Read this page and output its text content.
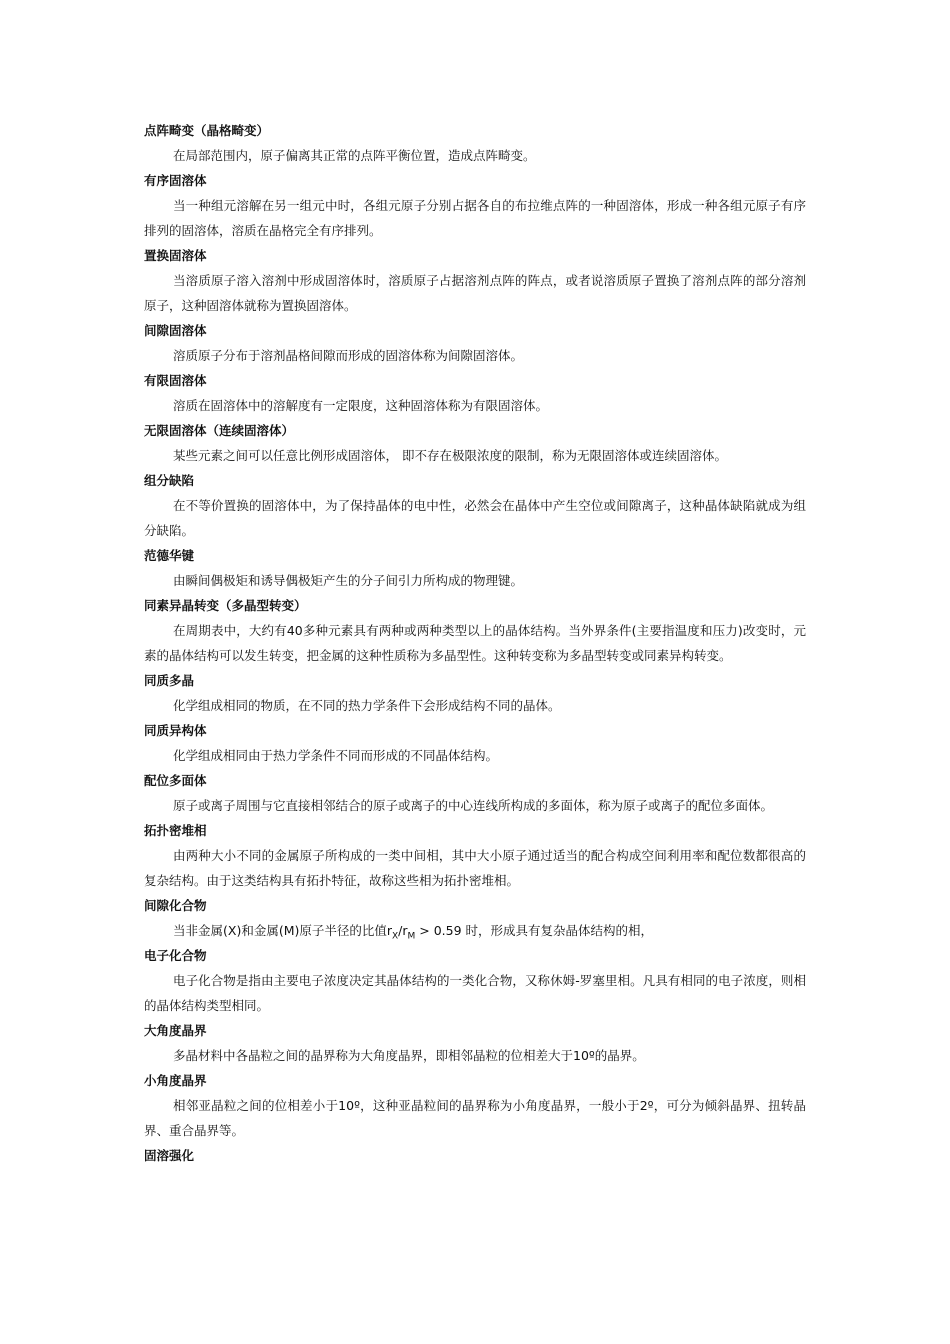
点阵畸变（晶格畸变）

在局部范围内，原子偏离其正常的点阵平衡位置，造成点阵畸变。

有序固溶体

当一种组元溶解在另一组元中时，各组元原子分别占据各自的布拉维点阵的一种固溶体，形成一种各组元原子有序排列的固溶体，溶质在晶格完全有序排列。

置换固溶体

当溶质原子溶入溶剂中形成固溶体时，溶质原子占据溶剂点阵的阵点，或者说溶质原子置换了溶剂点阵的部分溶剂原子，这种固溶体就称为置换固溶体。

间隙固溶体

溶质原子分布于溶剂晶格间隙而形成的固溶体称为间隙固溶体。

有限固溶体

溶质在固溶体中的溶解度有一定限度，这种固溶体称为有限固溶体。

无限固溶体（连续固溶体）

某些元素之间可以任意比例形成固溶体， 即不存在极限浓度的限制，称为无限固溶体或连续固溶体。

组分缺陷

在不等价置换的固溶体中，为了保持晶体的电中性，必然会在晶体中产生空位或间隙离子，这种晶体缺陷就成为组分缺陷。

范德华键

由瞬间偶极矩和诱导偶极矩产生的分子间引力所构成的物理键。

同素异晶转变（多晶型转变）

在周期表中，大约有40多种元素具有两种或两种类型以上的晶体结构。当外界条件(主要指温度和压力)改变时，元素的晶体结构可以发生转变，把金属的这种性质称为多晶型性。这种转变称为多晶型转变或同素异构转变。

同质多晶

化学组成相同的物质，在不同的热力学条件下会形成结构不同的晶体。

同质异构体

化学组成相同由于热力学条件不同而形成的不同晶体结构。

配位多面体

原子或离子周围与它直接相邻结合的原子或离子的中心连线所构成的多面体，称为原子或离子的配位多面体。

拓扑密堆相

由两种大小不同的金属原子所构成的一类中间相，其中大小原子通过适当的配合构成空间利用率和配位数都很高的复杂结构。由于这类结构具有拓扑特征，故称这些相为拓扑密堆相。

间隙化合物

当非金属(X)和金属(M)原子半径的比值$r_X/r_M > 0.59$ 时，形成具有复杂晶体结构的相，

电子化合物

电子化合物是指由主要电子浓度决定其晶体结构的一类化合物，又称休姆-罗塞里相。凡具有相同的电子浓度，则相的晶体结构类型相同。

大角度晶界

多晶材料中各晶粒之间的晶界称为大角度晶界，即相邻晶粒的位相差大于10º的晶界。

小角度晶界

相邻亚晶粒之间的位相差小于10º，这种亚晶粒间的晶界称为小角度晶界，一般小于2º，可分为倾斜晶界、扭转晶界、重合晶界等。

固溶强化
